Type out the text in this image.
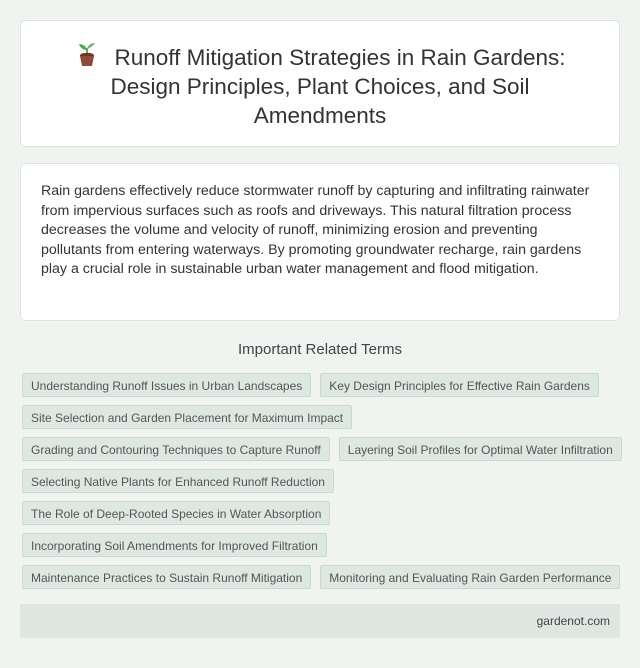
Runoff Mitigation Strategies in Rain Gardens: Design Principles, Plant Choices, and Soil Amendments

Rain gardens effectively reduce stormwater runoff by capturing and infiltrating rainwater from impervious surfaces such as roofs and driveways. This natural filtration process decreases the volume and velocity of runoff, minimizing erosion and preventing pollutants from entering waterways. By promoting groundwater recharge, rain gardens play a crucial role in sustainable urban water management and flood mitigation.

Important Related Terms
Understanding Runoff Issues in Urban Landscapes	Key Design Principles for Effective Rain Gardens
Site Selection and Garden Placement for Maximum Impact
Grading and Contouring Techniques to Capture Runoff	Layering Soil Profiles for Optimal Water Infiltration
Selecting Native Plants for Enhanced Runoff Reduction
The Role of Deep-Rooted Species in Water Absorption
Incorporating Soil Amendments for Improved Filtration
Maintenance Practices to Sustain Runoff Mitigation	Monitoring and Evaluating Rain Garden Performance
gardenot.com
